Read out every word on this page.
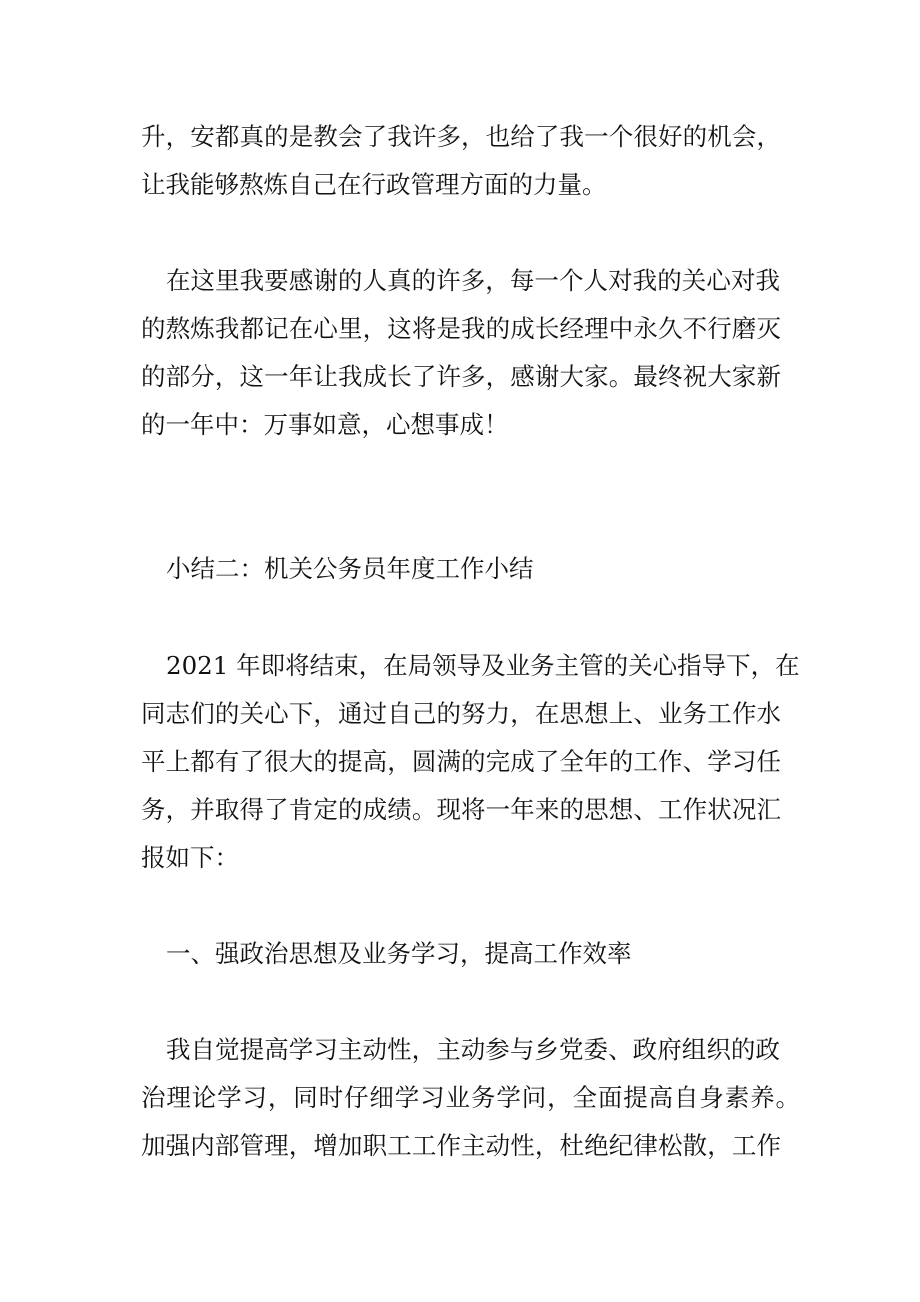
升，安都真的是教会了我许多，也给了我一个很好的机会，

让我能够熬炼自己在行政管理方面的力量。

在这里我要感谢的人真的许多，每一个人对我的关心对我

的熬炼我都记在心里，这将是我的成长经理中永久不行磨灭

的部分，这一年让我成长了许多，感谢大家。最终祝大家新

的一年中：万事如意，心想事成！

小结二：机关公务员年度工作小结

2021 年即将结束，在局领导及业务主管的关心指导下，在

同志们的关心下，通过自己的努力，在思想上、业务工作水

平上都有了很大的提高，圆满的完成了全年的工作、学习任

务，并取得了肯定的成绩。现将一年来的思想、工作状况汇

报如下：

一、强政治思想及业务学习，提高工作效率

我自觉提高学习主动性，主动参与乡党委、政府组织的政

治理论学习，同时仔细学习业务学问，全面提高自身素养。

加强内部管理，增加职工工作主动性，杜绝纪律松散，工作
